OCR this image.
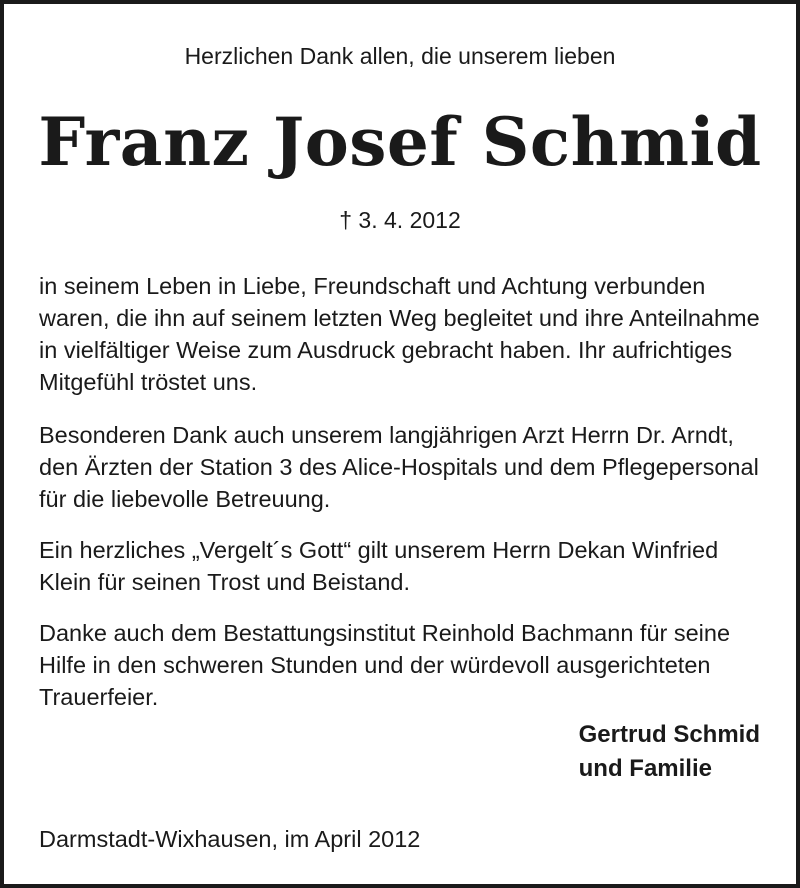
Herzlichen Dank allen, die unserem lieben
Franz Josef Schmid
† 3. 4. 2012

in seinem Leben in Liebe, Freundschaft und Achtung verbunden waren, die ihn auf seinem letzten Weg begleitet und ihre Anteilnahme in vielfältiger Weise zum Ausdruck gebracht haben. Ihr aufrichtiges Mitgefühl tröstet uns.

Besonderen Dank auch unserem langjährigen Arzt Herrn Dr. Arndt, den Ärzten der Station 3 des Alice-Hospitals und dem Pflegepersonal für die liebevolle Betreuung.

Ein herzliches „Vergelt´s Gott“ gilt unserem Herrn Dekan Winfried Klein für seinen Trost und Beistand.

Danke auch dem Bestattungsinstitut Reinhold Bachmann für seine Hilfe in den schweren Stunden und der würdevoll ausgerichteten Trauerfeier.

Gertrud Schmid
und Familie
Darmstadt-Wixhausen, im April 2012
